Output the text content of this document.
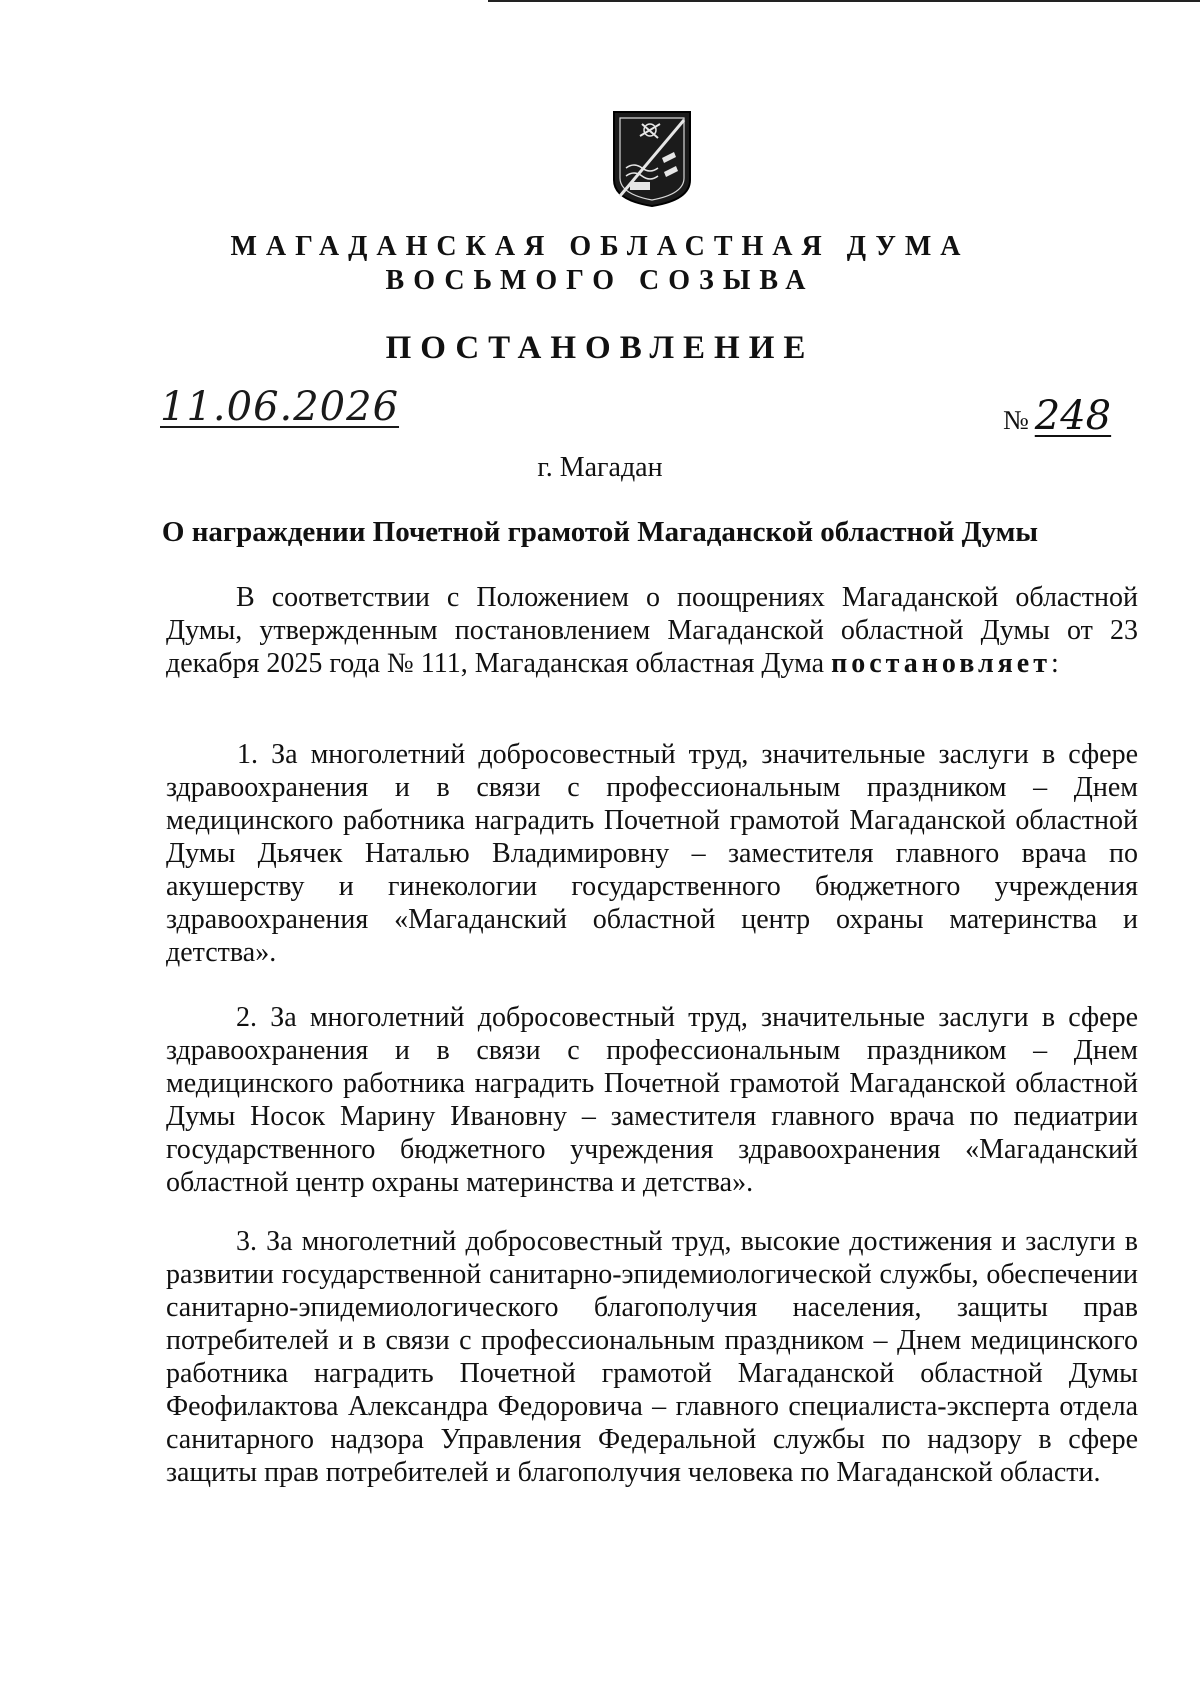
МАГАДАНСКАЯ ОБЛАСТНАЯ ДУМА
ВОСЬМОГО СОЗЫВА
ПОСТАНОВЛЕНИЕ
11.06.2026	№ 248
г. Магадан
О награждении Почетной грамотой Магаданской областной Думы

В соответствии с Положением о поощрениях Магаданской областной Думы, утвержденным постановлением Магаданской областной Думы от 23 декабря 2025 года № 111, Магаданская областная Дума постановляет:

1. За многолетний добросовестный труд, значительные заслуги в сфере здравоохранения и в связи с профессиональным праздником – Днем медицинского работника наградить Почетной грамотой Магаданской областной Думы Дьячек Наталью Владимировну – заместителя главного врача по акушерству и гинекологии государственного бюджетного учреждения здравоохранения «Магаданский областной центр охраны материнства и детства».

2. За многолетний добросовестный труд, значительные заслуги в сфере здравоохранения и в связи с профессиональным праздником – Днем медицинского работника наградить Почетной грамотой Магаданской областной Думы Носок Марину Ивановну – заместителя главного врача по педиатрии государственного бюджетного учреждения здравоохранения «Магаданский областной центр охраны материнства и детства».

3. За многолетний добросовестный труд, высокие достижения и заслуги в развитии государственной санитарно-эпидемиологической службы, обеспечении санитарно-эпидемиологического благополучия населения, защиты прав потребителей и в связи с профессиональным праздником – Днем медицинского работника наградить Почетной грамотой Магаданской областной Думы Феофилактова Александра Федоровича – главного специалиста-эксперта отдела санитарного надзора Управления Федеральной службы по надзору в сфере защиты прав потребителей и благополучия человека по Магаданской области.
